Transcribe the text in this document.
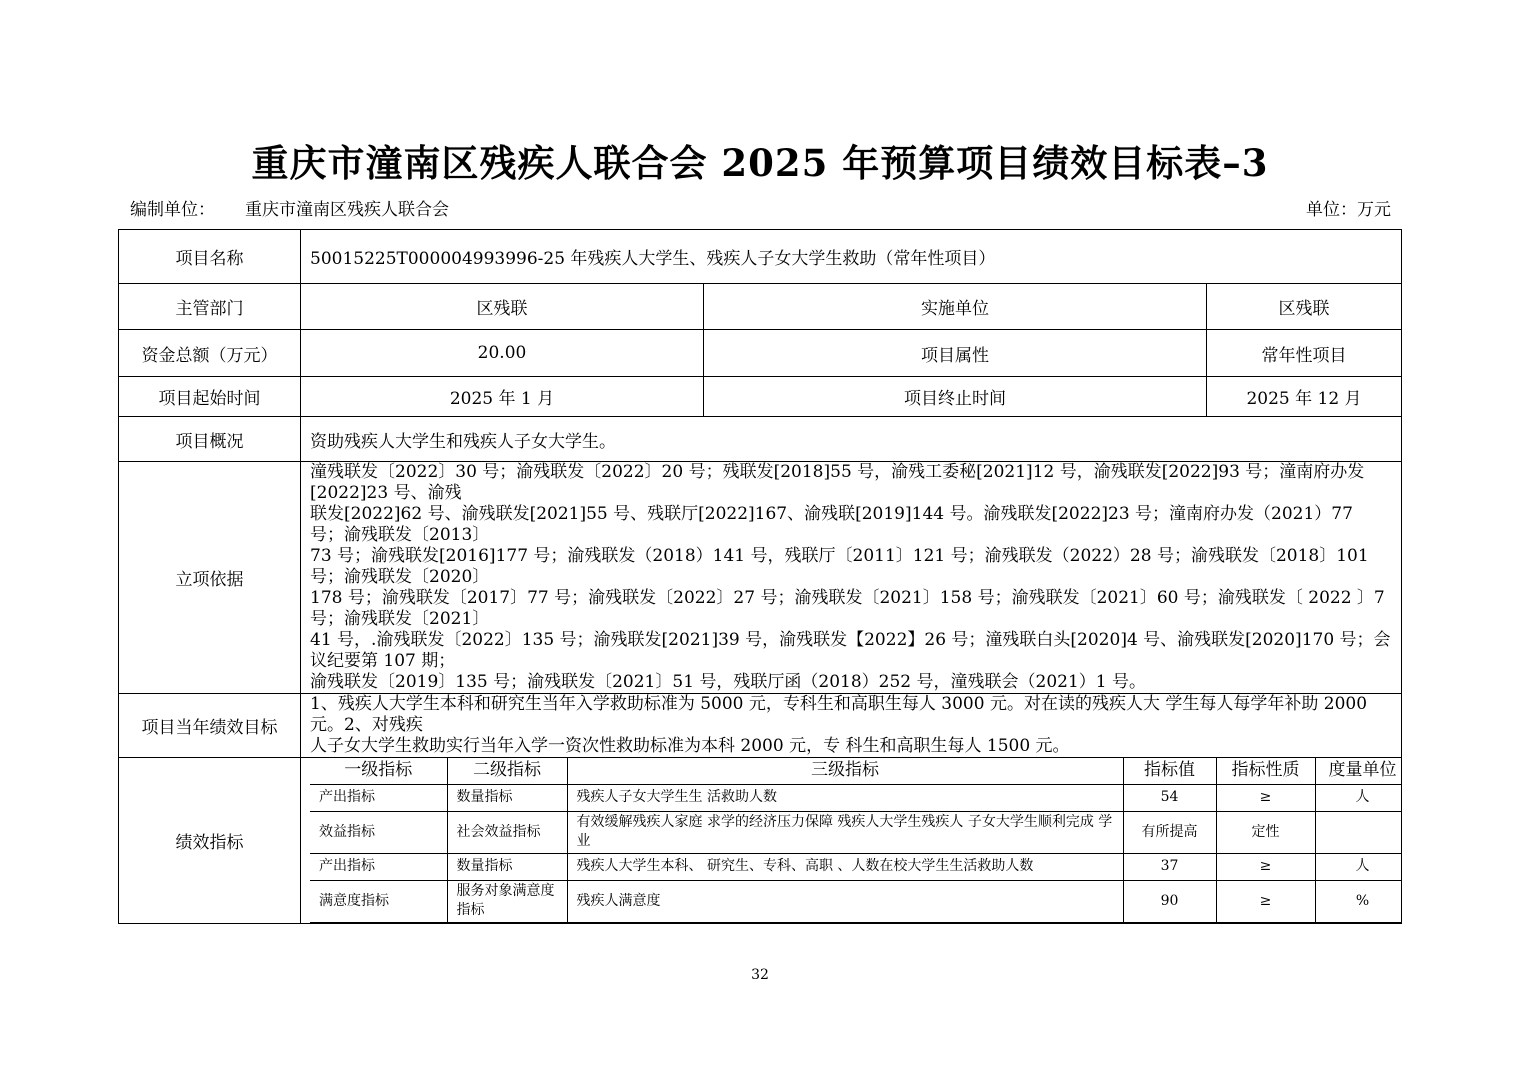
重庆市潼南区残疾人联合会 2025 年预算项目绩效目标表–3
编制单位： 重庆市潼南区残疾人联合会	单位：万元
项目名称	50015225T000004993996-25 年残疾人大学生、残疾人子女大学生救助（常年性项目）
主管部门	区残联	实施单位	区残联
资金总额（万元）	20.00	项目属性	常年性项目
项目起始时间	2025 年 1 月	项目终止时间	2025 年 12 月
项目概况	资助残疾人大学生和残疾人子女大学生。
立项依据	
潼残联发〔2022〕30 号；渝残联发〔2022〕20 号；残联发[2018]55 号，渝残工委秘[2021]12 号，渝残联发[2022]93 号；潼南府办发[2022]23 号、渝残
联发[2022]62 号、渝残联发[2021]55 号、残联厅[2022]167、渝残联[2019]144 号。渝残联发[2022]23 号；潼南府办发（2021）77 号；渝残联发〔2013〕
73 号；渝残联发[2016]177 号；渝残联发（2018）141 号，残联厅〔2011〕121 号；渝残联发（2022）28 号；渝残联发〔2018〕101 号；渝残联发〔2020〕
178 号；渝残联发〔2017〕77 号；渝残联发〔2022〕27 号；渝残联发〔2021〕158 号；渝残联发〔2021〕60 号；渝残联发〔 2022 〕7 号；渝残联发〔2021〕
41 号，.渝残联发〔2022〕135 号；渝残联发[2021]39 号，渝残联发【2022】26 号；潼残联白头[2020]4 号、渝残联发[2020]170 号；会议纪要第 107 期；
渝残联发〔2019〕135 号；渝残联发〔2021〕51 号，残联厅函（2018）252 号，潼残联会（2021）1 号。

项目当年绩效目标	
1、残疾人大学生本科和研究生当年入学救助标准为 5000 元，专科生和高职生每人 3000 元。对在读的残疾人大 学生每人每学年补助 2000 元。2、对残疾
人子女大学生救助实行当年入学一资次性救助标准为本科 2000 元，专 科生和高职生每人 1500 元。

绩效指标	
一级指标	二级指标	三级指标	指标值	指标性质	度量单位
产出指标	数量指标	残疾人子女大学生生 活救助人数	54	≥	人
效益指标	社会效益指标	有效缓解残疾人家庭 求学的经济压力保障 残疾人大学生残疾人 子女大学生顺利完成 学业	有所提高	定性	
产出指标	数量指标	残疾人大学生本科、 研究生、专科、高职 、人数在校大学生生活救助人数	37	≥	人
满意度指标	服务对象满意度指标	残疾人满意度	90	≥	%
32
